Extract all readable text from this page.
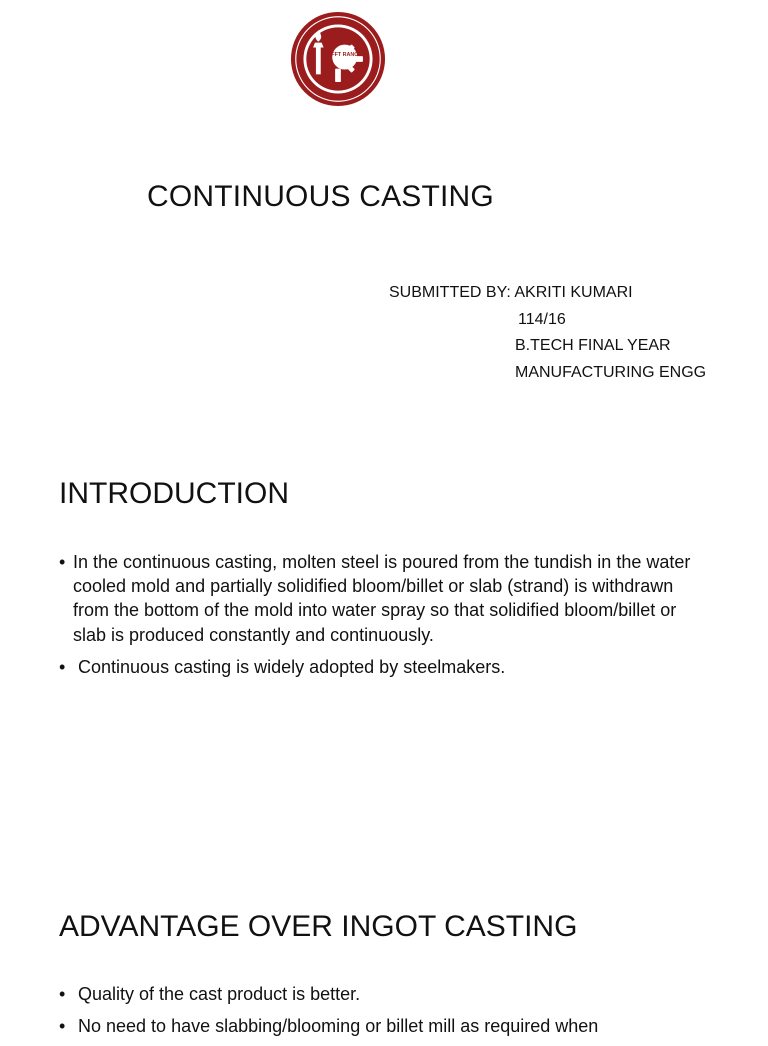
NIFFT RANCHI
CONTINUOUS CASTING
SUBMITTED BY: AKRITI KUMARI
114/16
B.TECH FINAL YEAR
MANUFACTURING ENGG
INTRODUCTION
• In the continuous casting, molten steel is poured from the tundish in the water cooled mold and partially solidified bloom/billet or slab (strand) is withdrawn from the bottom of the mold into water spray so that solidified bloom/billet or slab is produced constantly and continuously.
• Continuous casting is widely adopted by steelmakers.
ADVANTAGE OVER INGOT CASTING
• Quality of the cast product is better.
• No need to have slabbing/blooming or billet mill as required when
